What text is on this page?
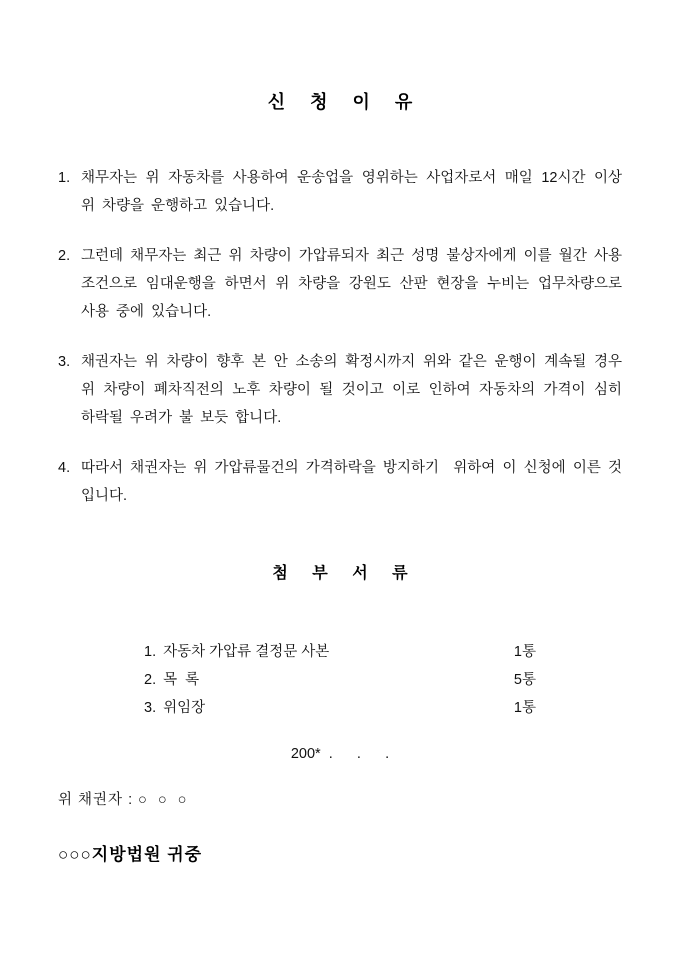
신 청 이 유
1. 채무자는 위 자동차를 사용하여 운송업을 영위하는 사업자로서 매일 12시간 이상 위 차량을 운행하고 있습니다.
2. 그런데 채무자는 최근 위 차량이 가압류되자 최근 성명 불상자에게 이를 월간 사용 조건으로 임대운행을 하면서 위 차량을 강원도 산판 현장을 누비는 업무차량으로 사용 중에 있습니다.
3. 채권자는 위 차량이 향후 본 안 소송의 확정시까지 위와 같은 운행이 계속될 경우 위 차량이 폐차직전의 노후 차량이 될 것이고 이로 인하여 자동차의 가격이 심히 하락될 우려가 불 보듯 합니다.
4. 따라서 채권자는 위 가압류물건의 가격하락을 방지하기  위하여 이 신청에 이른 것입니다.
첨 부 서 류
1. 자동차 가압류 결정문 사본	1통
2. 목  록	5통
3. 위임장	1통
200*  .      .      .
위 채권자 : ○  ○  ○
○○○지방법원 귀중
